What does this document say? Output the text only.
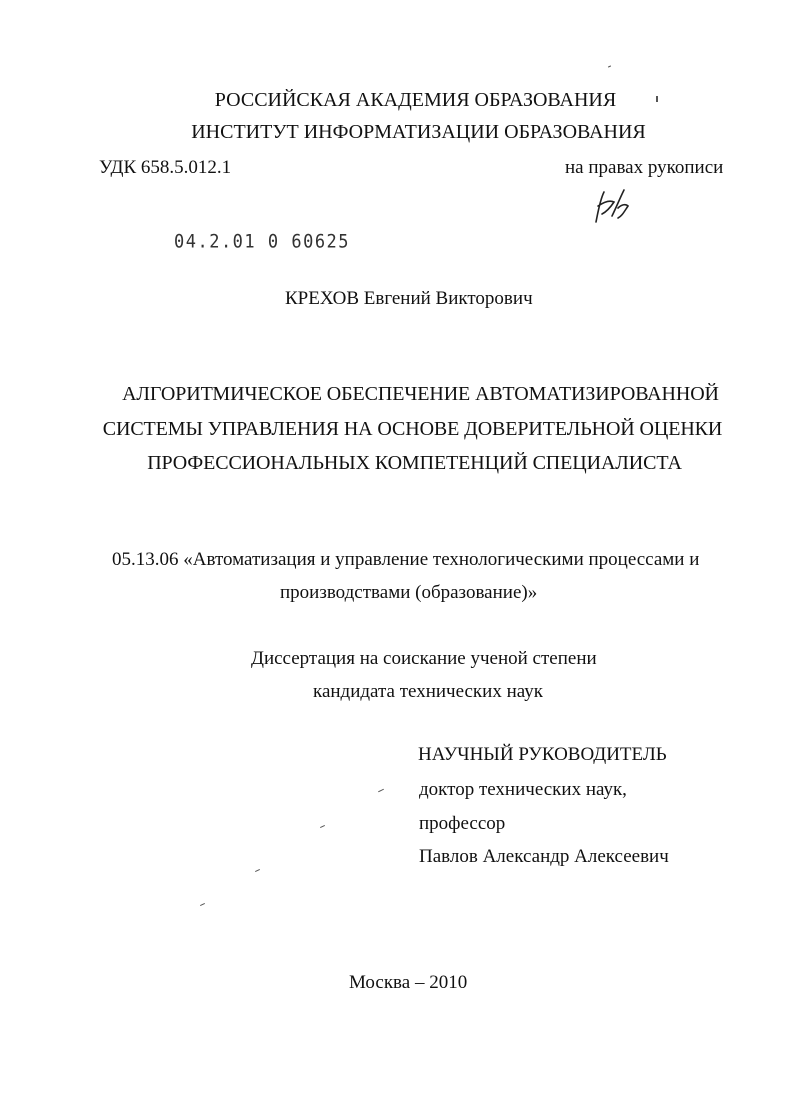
РОССИЙСКАЯ АКАДЕМИЯ ОБРАЗОВАНИЯ
ИНСТИТУТ ИНФОРМАТИЗАЦИИ ОБРАЗОВАНИЯ
УДК 658.5.012.1	на правах рукописи
04.2.01 0 60625
КРЕХОВ Евгений Викторович
АЛГОРИТМИЧЕСКОЕ ОБЕСПЕЧЕНИЕ АВТОМАТИЗИРОВАННОЙ
СИСТЕМЫ УПРАВЛЕНИЯ НА ОСНОВЕ ДОВЕРИТЕЛЬНОЙ ОЦЕНКИ
ПРОФЕССИОНАЛЬНЫХ КОМПЕТЕНЦИЙ СПЕЦИАЛИСТА
05.13.06 «Автоматизация и управление технологическими процессами и
производствами (образование)»
Диссертация на соискание ученой степени
кандидата технических наук
НАУЧНЫЙ РУКОВОДИТЕЛЬ
доктор технических наук,
профессор
Павлов Александр Алексеевич
Москва – 2010
